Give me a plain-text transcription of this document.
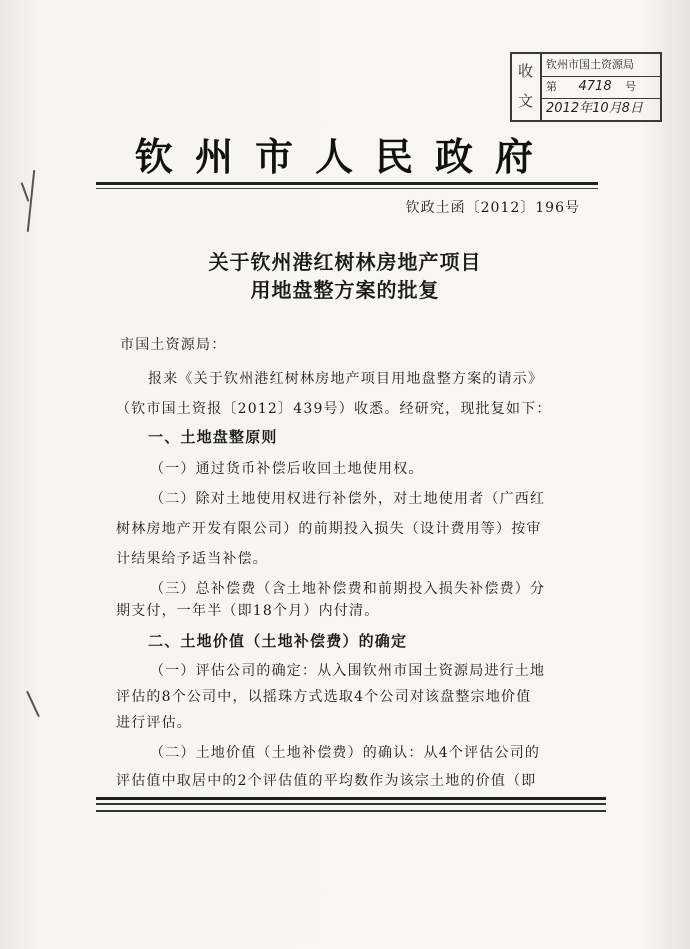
收
文
钦州市国土资源局
第 4718 号
2012年10月8日
钦州市人民政府
钦政土函〔2012〕196号
关于钦州港红树林房地产项目
用地盘整方案的批复
市国土资源局：
报来《关于钦州港红树林房地产项目用地盘整方案的请示》
（钦市国土资报〔2012〕439号）收悉。经研究，现批复如下：
一、土地盘整原则
（一）通过货币补偿后收回土地使用权。
（二）除对土地使用权进行补偿外，对土地使用者（广西红
树林房地产开发有限公司）的前期投入损失（设计费用等）按审
计结果给予适当补偿。
（三）总补偿费（含土地补偿费和前期投入损失补偿费）分
期支付，一年半（即18个月）内付清。
二、土地价值（土地补偿费）的确定
（一）评估公司的确定：从入围钦州市国土资源局进行土地
评估的8个公司中，以摇珠方式选取4个公司对该盘整宗地价值
进行评估。
（二）土地价值（土地补偿费）的确认：从4个评估公司的
评估值中取居中的2个评估值的平均数作为该宗土地的价值（即
